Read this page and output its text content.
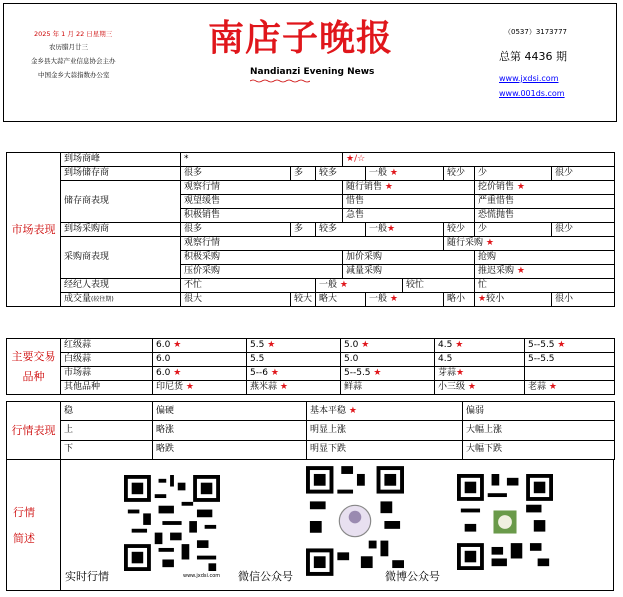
2025 年 1 月 22 日星期三
农历腊月廿三
金乡县大蒜产业信息协会主办
中国金乡大蒜指数办公室
南店子晚报
Nandianzi Evening News
（0537）3173777
总第 4436 期
www.jxdsi.com
www.001ds.com
市场表现	到场商峰	*			★/☆						
	到场储存商	很多	多	较多		一般 ★		较少	少	很少	
	储存商表现	观察行情			随行销售 ★				挖价销售 ★		
		观望缓售			惜售				严重惜售		
		积极销售			急售				恐慌抛售		
	到场采购商	很多	多	较多		一般★		较少	少	很少	
	采购商表现	观察行情						随行采购 ★			
		积极采购			加价采购				抢购		
		压价采购			减量采购				推迟采购 ★		
	经纪人表现	不忙		一般 ★			较忙		忙	
	成交量(较往期)	很大	较大	略大		一般 ★		略小	★较小	很小	
主要交易品种	红级蒜	6.0 ★	5.5 ★	5.0 ★	4.5 ★	5--5.5 ★
	白级蒜	6.0	5.5	5.0	4.5	5--5.5
	市场蒜	6.0 ★	5--6 ★	5--5.5 ★	芽蒜★	
	其他品种	印尼货 ★	燕米蒜 ★	鲜蒜	小三级 ★	老蒜 ★
行情表现	稳	偏硬	基本平稳 ★	偏弱
	上	略涨	明显上涨	大幅上涨
	下	略跌	明显下跌	大幅下跌
行情简述
www.jxdsi.com
实时行情	微信公众号	微博公众号
